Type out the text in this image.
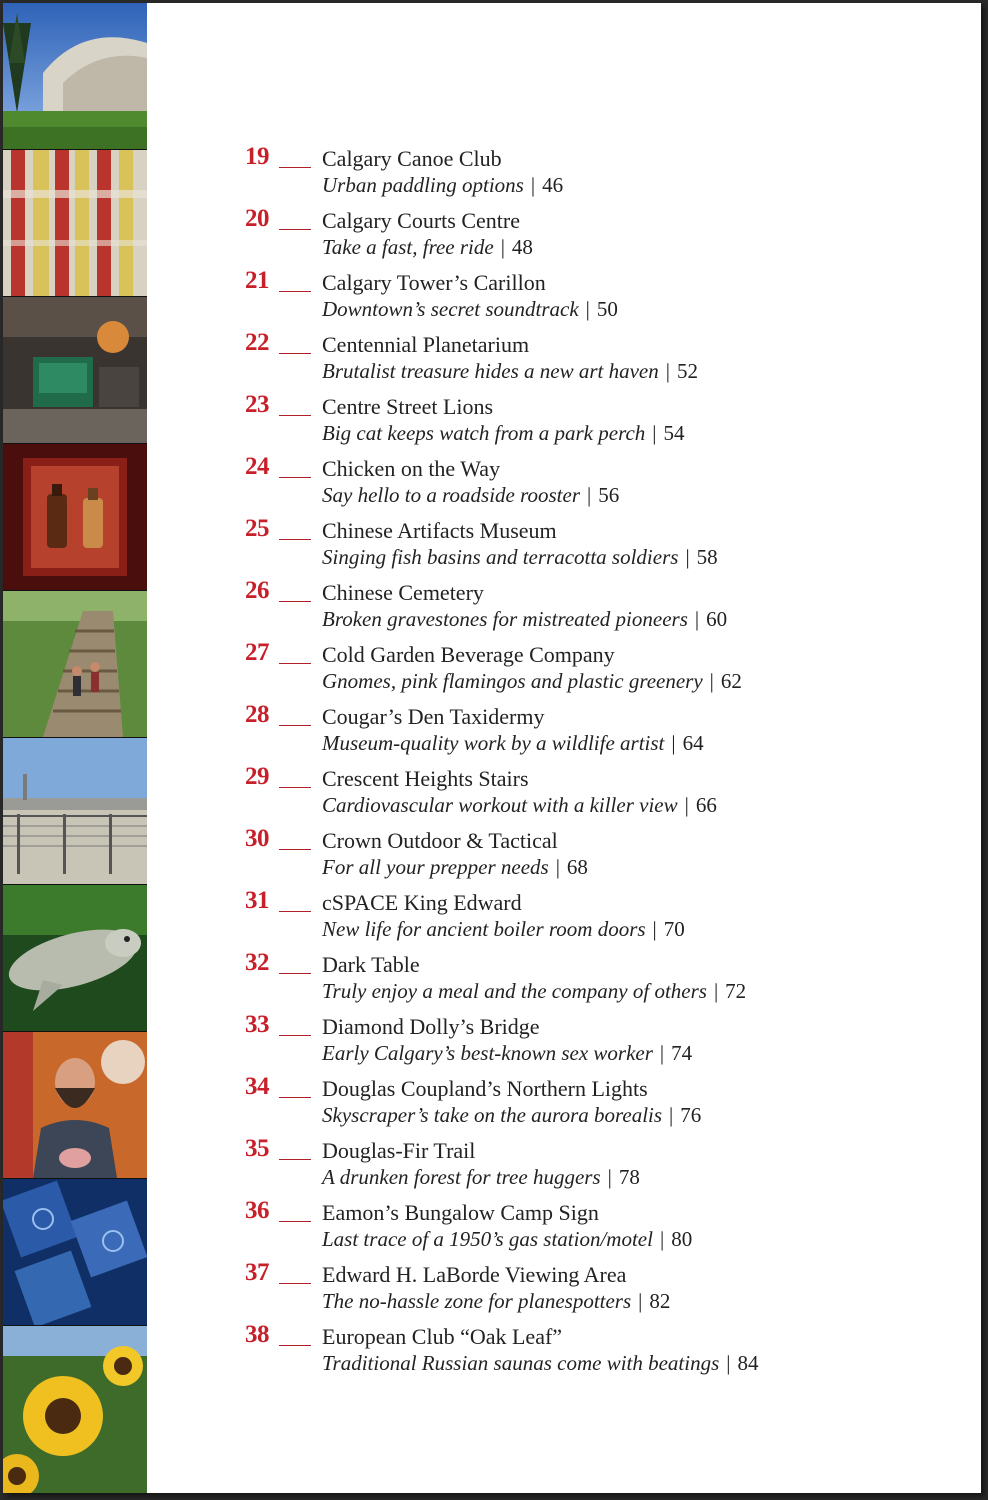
19 Calgary Canoe Club
Urban paddling options | 46
20 Calgary Courts Centre
Take a fast, free ride | 48
21 Calgary Tower’s Carillon
Downtown’s secret soundtrack | 50
22 Centennial Planetarium
Brutalist treasure hides a new art haven | 52
23 Centre Street Lions
Big cat keeps watch from a park perch | 54
24 Chicken on the Way
Say hello to a roadside rooster | 56
25 Chinese Artifacts Museum
Singing fish basins and terracotta soldiers | 58
26 Chinese Cemetery
Broken gravestones for mistreated pioneers | 60
27 Cold Garden Beverage Company
Gnomes, pink flamingos and plastic greenery | 62
28 Cougar’s Den Taxidermy
Museum-quality work by a wildlife artist | 64
29 Crescent Heights Stairs
Cardiovascular workout with a killer view | 66
30 Crown Outdoor & Tactical
For all your prepper needs | 68
31 cSPACE King Edward
New life for ancient boiler room doors | 70
32 Dark Table
Truly enjoy a meal and the company of others | 72
33 Diamond Dolly’s Bridge
Early Calgary’s best-known sex worker | 74
34 Douglas Coupland’s Northern Lights
Skyscraper’s take on the aurora borealis | 76
35 Douglas-Fir Trail
A drunken forest for tree huggers | 78
36 Eamon’s Bungalow Camp Sign
Last trace of a 1950’s gas station/motel | 80
37 Edward H. LaBorde Viewing Area
The no-hassle zone for planespotters | 82
38 European Club “Oak Leaf”
Traditional Russian saunas come with beatings | 84
